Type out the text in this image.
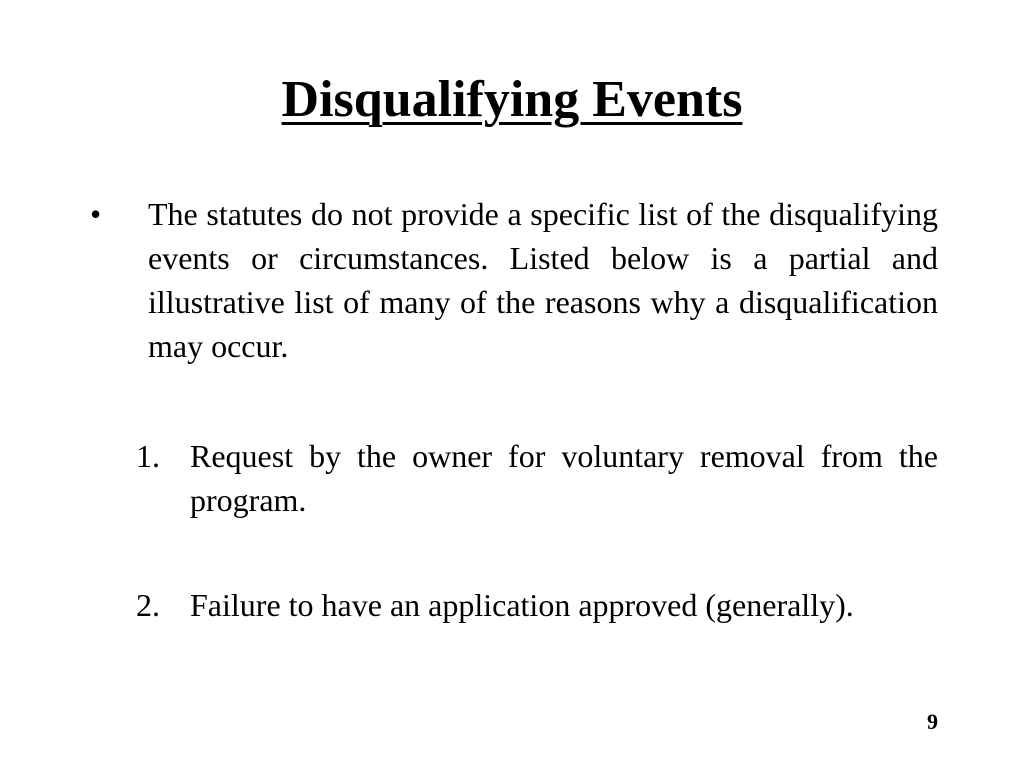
Disqualifying Events
• The statutes do not provide a specific list of the disqualifying events or circumstances. Listed below is a partial and illustrative list of many of the reasons why a disqualification may occur.

1. Request by the owner for voluntary removal from the program.

2. Failure to have an application approved (generally).

9
